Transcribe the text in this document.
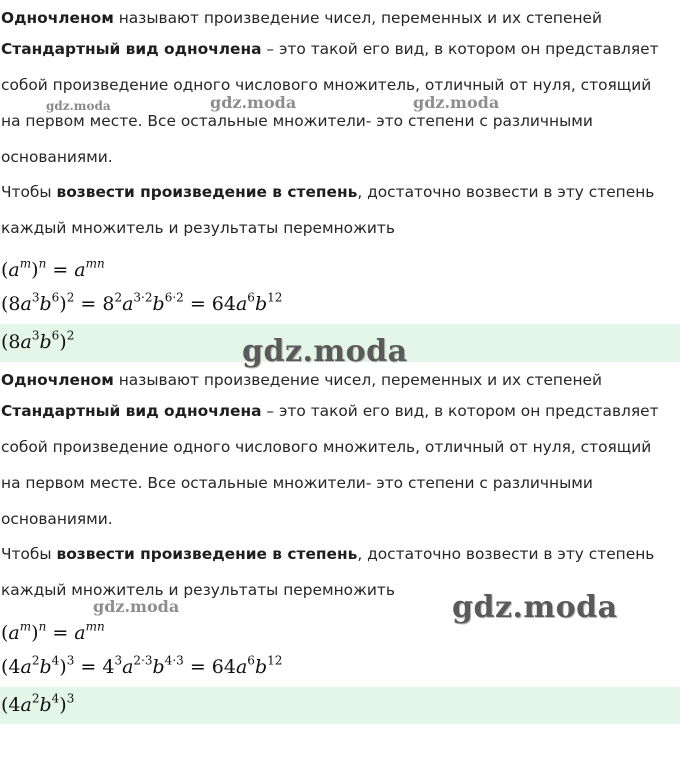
Одночленом называют произведение чисел, переменных и их степеней
Стандартный вид одночлена – это такой его вид, в котором он представляет
собой произведение одного числового множитель, отличный от нуля, стоящий
на первом месте. Все остальные множители- это степени с различными
основаниями.
Чтобы возвести произведение в степень, достаточно возвести в эту степень
каждый множитель и результаты перемножить
$(a^m)^n = a^{mn}$
$(8a^3b^6)^2 = 8^2a^{3\cdot 2}b^{6\cdot 2} = 64a^6b^{12}$
$(8a^3b^6)^2$
Одночленом называют произведение чисел, переменных и их степеней
Стандартный вид одночлена – это такой его вид, в котором он представляет
собой произведение одного числового множитель, отличный от нуля, стоящий
на первом месте. Все остальные множители- это степени с различными
основаниями.
Чтобы возвести произведение в степень, достаточно возвести в эту степень
каждый множитель и результаты перемножить
$(a^m)^n = a^{mn}$
$(4a^2b^4)^3 = 4^3a^{2\cdot 3}b^{4\cdot 3} = 64a^6b^{12}$
$(4a^2b^4)^3$
gdz.moda	gdz.moda	gdz.moda
gdz.moda
gdz.moda	gdz.moda
